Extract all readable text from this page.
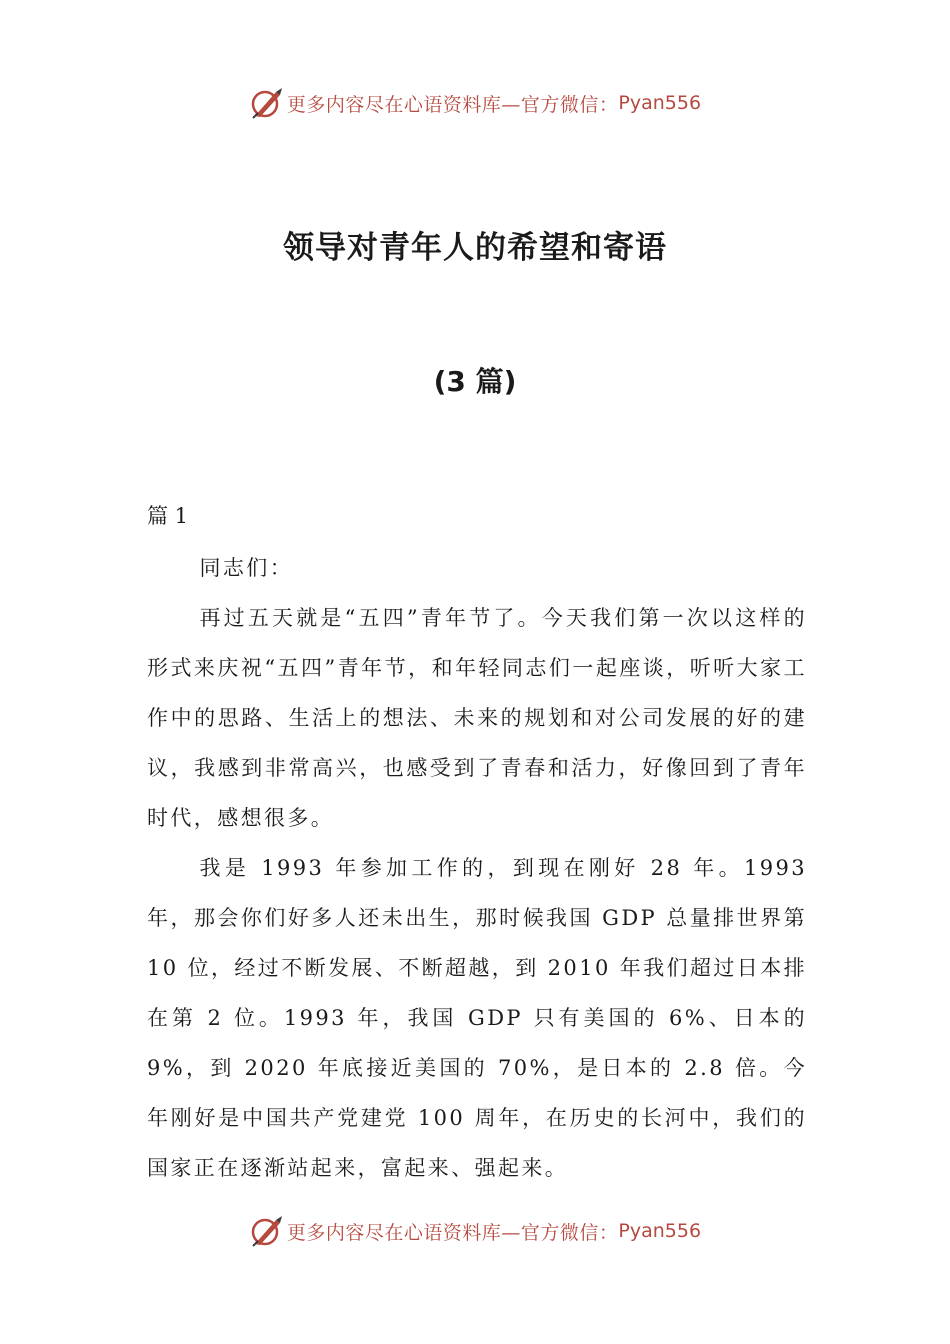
更多内容尽在心语资料库—官方微信： Pyan556
领导对青年人的希望和寄语
(3 篇)

篇 1

同志们：

再过五天就是“五四”青年节了。今天我们第一次以这样的形式来庆祝“五四”青年节，和年轻同志们一起座谈，听听大家工作中的思路、生活上的想法、未来的规划和对公司发展的好的建议，我感到非常高兴，也感受到了青春和活力，好像回到了青年时代，感想很多。

我是 1993 年参加工作的，到现在刚好 28 年。1993 年，那会你们好多人还未出生，那时候我国 GDP 总量排世界第 10 位，经过不断发展、不断超越，到 2010 年我们超过日本排在第 2 位。1993 年，我国 GDP 只有美国的 6%、日本的 9%，到 2020 年底接近美国的 70%，是日本的 2.8 倍。今年刚好是中国共产党建党 100 周年，在历史的长河中，我们的国家正在逐渐站起来，富起来、强起来。

更多内容尽在心语资料库—官方微信： Pyan556
